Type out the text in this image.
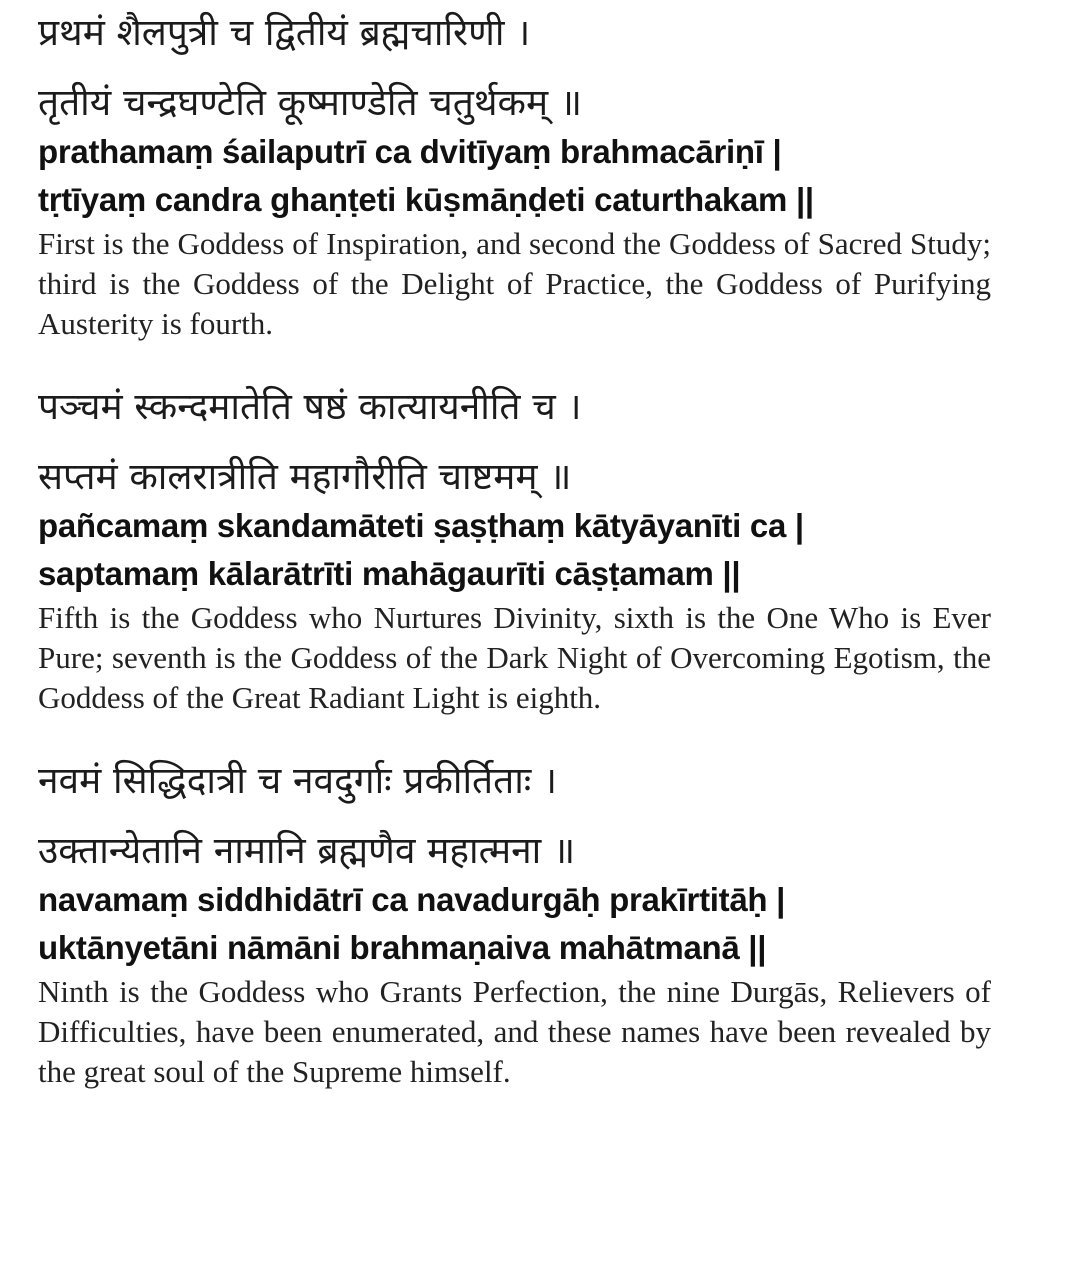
प्रथमं शैलपुत्री च द्वितीयं ब्रह्मचारिणी ।

तृतीयं चन्द्रघण्टेति कूष्माण्डेति चतुर्थकम् ॥

prathamaṃ śailaputrī ca dvitīyaṃ brahmacāriṇī |

tṛtīyaṃ candra ghaṇṭeti kūṣmāṇḍeti caturthakam ||

First is the Goddess of Inspiration, and second the Goddess of Sacred Study; third is the Goddess of the Delight of Practice, the Goddess of Purifying Austerity is fourth.

पञ्चमं स्कन्दमातेति षष्ठं कात्यायनीति च ।

सप्तमं कालरात्रीति महागौरीति चाष्टमम् ॥

pañcamaṃ skandamāteti ṣaṣṭhaṃ kātyāyanīti ca |

saptamaṃ kālarātrīti mahāgaurīti cāṣṭamam ||

Fifth is the Goddess who Nurtures Divinity, sixth is the One Who is Ever Pure; seventh is the Goddess of the Dark Night of Overcoming Egotism, the Goddess of the Great Radiant Light is eighth.

नवमं सिद्धिदात्री च नवदुर्गाः प्रकीर्तिताः ।

उक्तान्येतानि नामानि ब्रह्मणैव महात्मना ॥

navamaṃ siddhidātrī ca navadurgāḥ prakīrtitāḥ |

uktānyetāni nāmāni brahmaṇaiva mahātmanā ||

Ninth is the Goddess who Grants Perfection, the nine Durgās, Relievers of Difficulties, have been enumerated, and these names have been revealed by the great soul of the Supreme himself.
